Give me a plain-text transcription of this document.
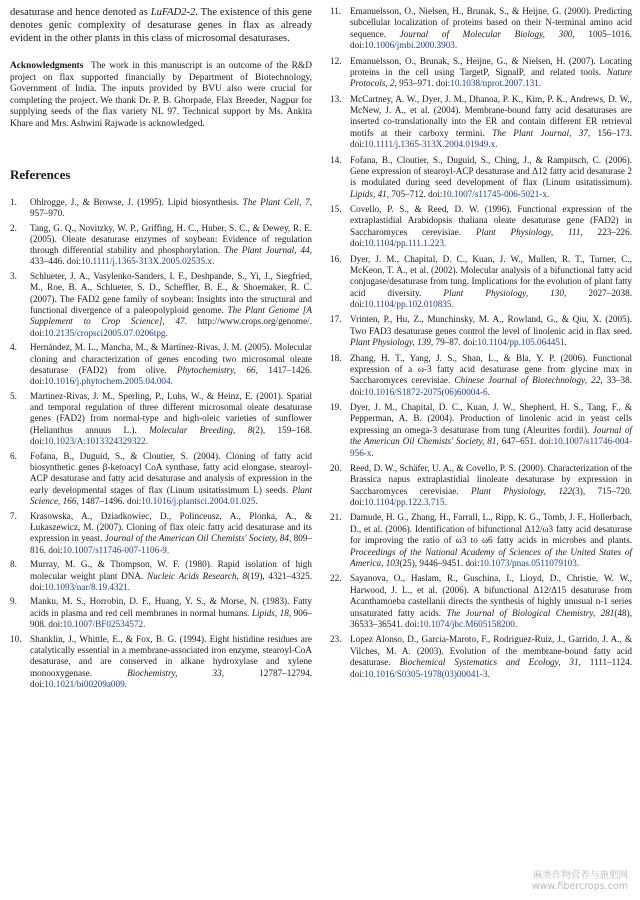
desaturase and hence denoted as LuFAD2-2. The existence of this gene denotes genic complexity of desaturase genes in flax as already evident in the other plants in this class of microsomal desaturases.

Acknowledgments The work in this manuscript is an outcome of the R&D project on flax supported financially by Department of Biotechnology, Government of India. The inputs provided by BVU also were crucial for completing the project. We thank Dr. P. B. Ghorpade, Flax Breeder, Nagpur for supplying seeds of the flax variety NL 97. Technical support by Ms. Ankita Khare and Mrs. Ashwini Rajwade is acknowledged.

References
1.	Ohlrogge, J., & Browse, J. (1995). Lipid biosynthesis. The Plant Cell, 7, 957–970.
2.	Tang, G. Q., Novitzky, W. P., Griffing, H. C., Huber, S. C., & Dewey, R. E. (2005). Oleate desaturase enzymes of soybean: Evidence of regulation through differential stability and phosphorylation. The Plant Journal, 44, 433–446. doi:10.1111/j.1365-313X.2005.02535.x.
3.	Schlueter, J. A., Vasylenko-Sanders, I. F., Deshpande, S., Yi, J., Siegfried, M., Roe, B. A., Schlueter, S. D., Scheffler, B. E., & Shoemaker, R. C. (2007). The FAD2 gene family of soybean: Insights into the structural and functional divergence of a paleopolyploid genome. The Plant Genome [A Supplement to Crop Science], 47. http://www.crops.org/genome/. doi:10.2135/cropsci2005.07.0206tpg.
4.	Hernández, M. L., Mancha, M., & Martínez-Rivas, J. M. (2005). Molecular cloning and characterization of genes encoding two microsomal oleate desaturase (FAD2) from olive. Phytochemistry, 66, 1417–1426. doi:10.1016/j.phytochem.2005.04.004.
5.	Martinez-Rivas, J. M., Sperling, P., Luhs, W., & Heinz, E. (2001). Spatial and temporal regulation of three different microsomal oleate desaturase genes (FAD2) from normal-type and high-oleic varieties of sunflower (Helianthus annuus L.). Molecular Breeding, 8(2), 159–168. doi:10.1023/A:1013324329322.
6.	Fofana, B., Duguid, S., & Cloutier, S. (2004). Cloning of fatty acid biosynthetic genes β-ketoacyl CoA synthase, fatty acid elongase, stearoyl-ACP desaturase and fatty acid desaturase and analysis of expression in the early developmental stages of flax (Linum usitatissimum L) seeds. Plant Science, 166, 1487–1496. doi:10.1016/j.plantsci.2004.01.025.
7.	Krasowska, A., Dziadkowiec, D., Polinceusz, A., Plonka, A., & Łukaszewicz, M. (2007). Cloning of flax oleic fatty acid desaturase and its expression in yeast. Journal of the American Oil Chemists' Society, 84, 809–816. doi:10.1007/s11746-007-1106-9.
8.	Murray, M. G., & Thompson, W. F. (1980). Rapid isolation of high molecular weight plant DNA. Nucleic Acids Research, 8(19), 4321–4325. doi:10.1093/nar/8.19.4321.
9.	Manku, M. S., Horrobin, D. F., Huang, Y. S., & Morse, N. (1983). Fatty acids in plasma and red cell membranes in normal humans. Lipids, 18, 906–908. doi:10.1007/BF02534572.
10. Shanklin, J., Whittle, E., & Fox, B. G. (1994). Eight histidine residues are catalytically essential in a membrane-associated iron enzyme, stearoyl-CoA desaturase, and are conserved in alkane hydroxylase and xylene monooxygenase. Biochemistry, 33, 12787–12794. doi:10.1021/bi00209a009.
11. Emanuelsson, O., Nielsen, H., Brunak, S., & Heijne, G. (2000). Predicting subcellular localization of proteins based on their N-terminal amino acid sequence. Journal of Molecular Biology, 300, 1005–1016. doi:10.1006/jmbi.2000.3903.
12. Emanuelsson, O., Brunak, S., Heijne, G., & Nielsen, H. (2007). Locating proteins in the cell using TargetP, SignalP, and related tools. Nature Protocols, 2, 953–971. doi:10.1038/nprot.2007.131.
13. McCartney, A. W., Dyer, J. M., Dhanoa, P. K., Kim, P. K., Andrews, D. W., McNew, J. A., et al. (2004). Membrane-bound fatty acid desaturases are inserted co-translationally into the ER and contain different ER retrieval motifs at their carboxy termini. The Plant Journal, 37, 156–173. doi:10.1111/j.1365-313X.2004.01949.x.
14. Fofana, B., Cloutier, S., Duguid, S., Ching, J., & Rampitsch, C. (2006). Gene expression of stearoyl-ACP desaturase and Δ12 fatty acid desaturase 2 is modulated during seed development of flax (Linum usitatissimum). Lipids, 41, 705–712. doi:10.1007/s11745-006-5021-x.
15. Covello, P. S., & Reed, D. W. (1996). Functional expression of the extraplastidial Arabidopsis thaliana oleate desaturase gene (FAD2) in Saccharomyces cerevisiae. Plant Physiology, 111, 223–226. doi:10.1104/pp.111.1.223.
16. Dyer, J. M., Chapital, D. C., Kuan, J. W., Mullen, R. T., Turner, C., McKeon, T. A., et al. (2002). Molecular analysis of a bifunctional fatty acid conjugase/desaturase from tung. Implications for the evolution of plant fatty acid diversity. Plant Physiology, 130, 2027–2038. doi:10.1104/pp.102.010835.
17. Vrinten, P., Hu, Z., Munchinsky, M. A., Rowland, G., & Qiu, X. (2005). Two FAD3 desaturase genes control the level of linolenic acid in flax seed. Plant Physiology, 139, 79–87. doi:10.1104/pp.105.064451.
18. Zhang, H. T., Yang, J. S., Shan, L., & Bla, Y. P. (2006). Functional expression of a ω-3 fatty acid desaturase gene from glycine max in Saccharomyces cerevisiae. Chinese Journal of Biotechnology, 22, 33–38. doi:10.1016/S1872-2075(06)60004-6.
19. Dyer, J. M., Chapital, D. C., Kuan, J. W., Shepherd, H. S., Tang, F., & Pepperman, A. B. (2004). Production of linolenic acid in yeast cells expressing an omega-3 desaturase from tung (Aleurites fordii). Journal of the American Oil Chemists' Society, 81, 647–651. doi:10.1007/s11746-004-956-x.
20. Reed, D. W., Schäfer, U. A., & Covello, P. S. (2000). Characterization of the Brassica napus extraplastidial linoleate desaturase by expression in Saccharomyces cerevisiae. Plant Physiology, 122(3), 715–720. doi:10.1104/pp.122.3.715.
21. Damude, H. G., Zhang, H., Farrall, L., Ripp, K. G., Tomb, J. F., Hollerbach, D., et al. (2006). Identification of bifunctional Δ12/ω3 fatty acid desaturase for improving the ratio of ω3 to ω6 fatty acids in microbes and plants. Proceedings of the National Academy of Sciences of the United States of America, 103(25), 9446–9451. doi:10.1073/pnas.0511079103.
22. Sayanova, O., Haslam, R., Guschina, I., Lioyd, D., Christie, W. W., Harwood, J. L., et al. (2006). A bifunctional Δ12/Δ15 desaturase from Acanthamoeba castellanii directs the synthesis of highly unusual n-1 series unsaturated fatty acids. The Journal of Biological Chemistry, 281(48), 36533–36541. doi:10.1074/jbc.M605158200.
23. Lopez Alonso, D., Garcia-Maroto, F., Rodriguez-Ruiz, J., Garrido, J. A., & Vilches, M. A. (2003). Evolution of the membrane-bound fatty acid desaturase. Biochemical Systematics and Ecology, 31, 1111–1124. doi:10.1016/S0305-1978(03)00041-3.
麻类作物营养与施肥网
www.fibercrops.com
